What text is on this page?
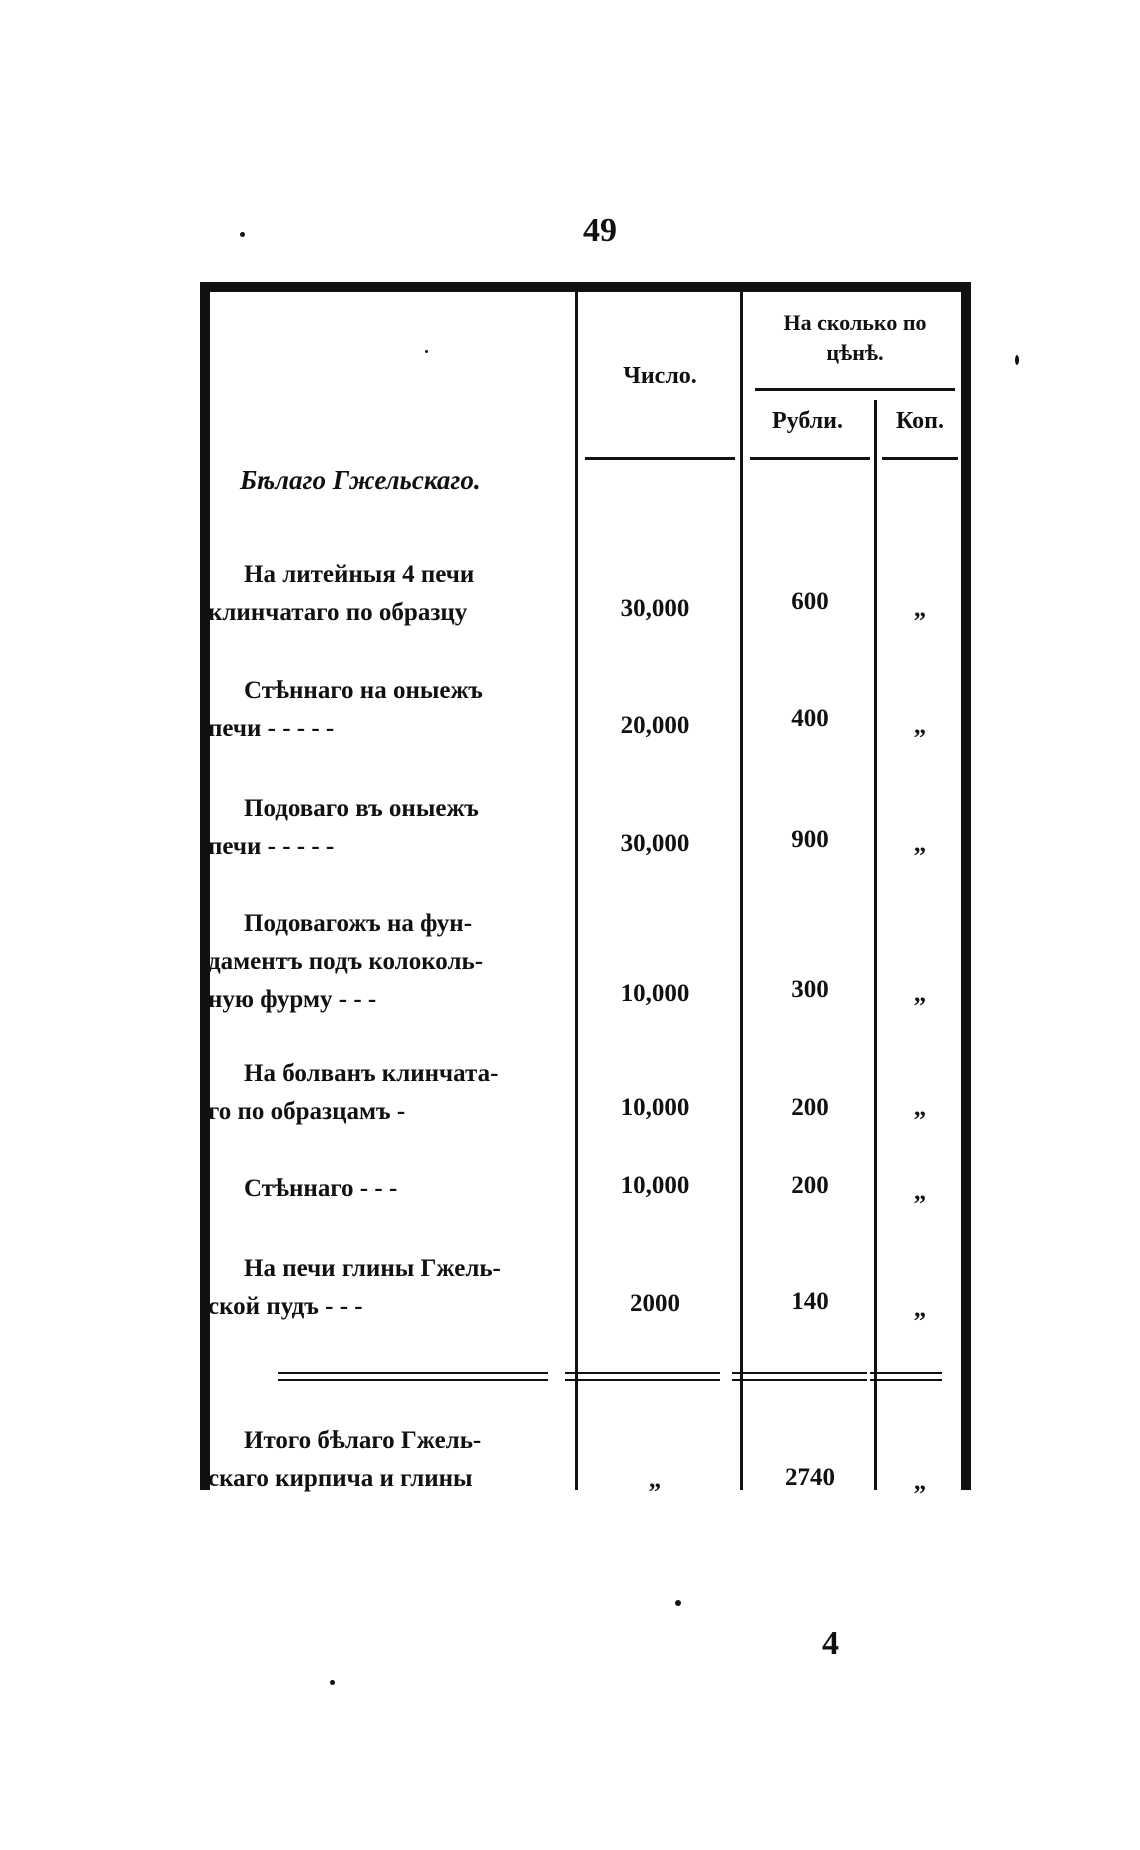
49
Число.
На сколько по цѣнѣ.
Рубли.	Коп.
Бѣлаго Гжельскаго.
На литейныя 4 печи
клинчатаго по образцу	30,000	600	„
Стѣннаго на оныежъ
печи - - - - -	20,000	400	„
Подоваго въ оныежъ
печи - - - - -	30,000	900	„
Подовагожъ на фун-
даментъ подъ колоколь-
ную фурму - - -	10,000	300	„
На болванъ клинчата-
го по образцамъ -	10,000	200	„
Стѣннаго - - -	10,000	200	„
На печи глины Гжель-
ской пудъ - - -	2000	140	„
Итого бѣлаго Гжель-
скаго кирпича и глины	„	2740	„
4
